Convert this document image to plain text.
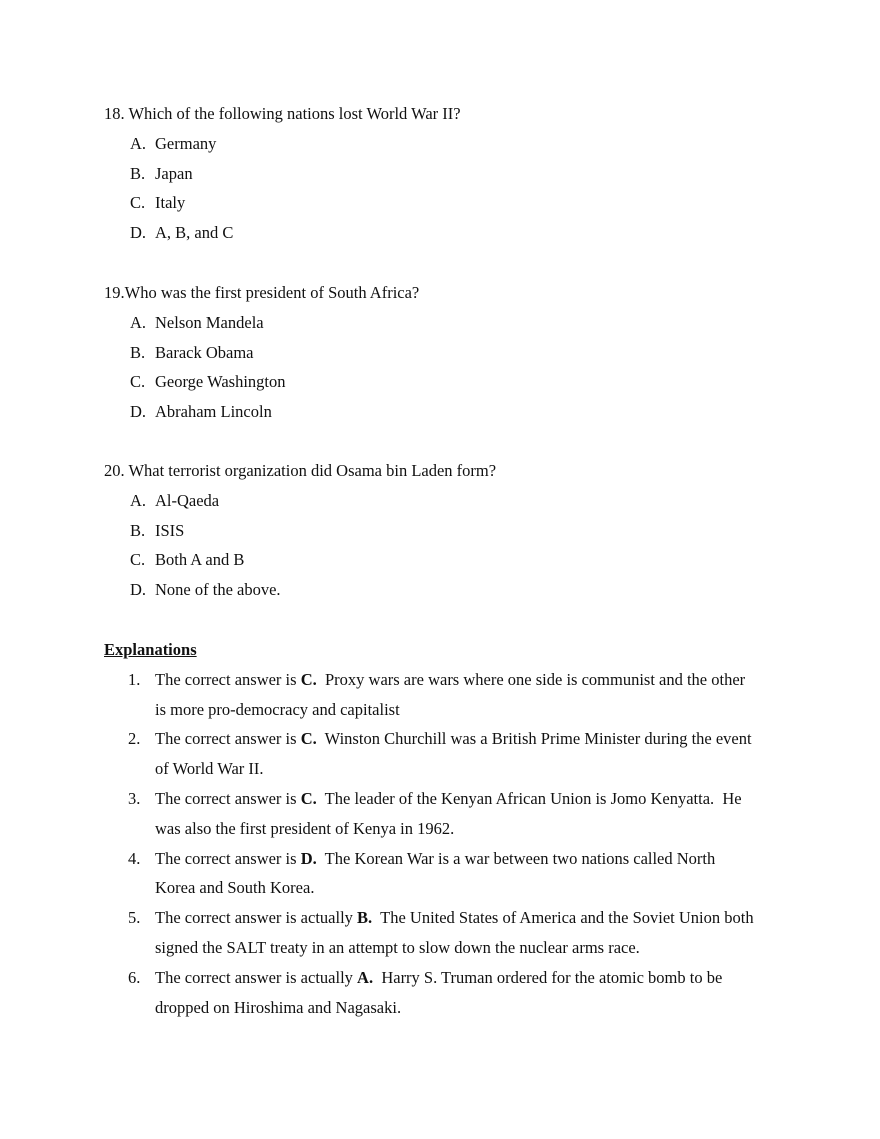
18. Which of the following nations lost World War II?
A. Germany
B. Japan
C. Italy
D. A, B, and C
19.Who was the first president of South Africa?
A. Nelson Mandela
B. Barack Obama
C. George Washington
D. Abraham Lincoln
20. What terrorist organization did Osama bin Laden form?
A. Al-Qaeda
B. ISIS
C. Both A and B
D. None of the above.
Explanations
1. The correct answer is C.  Proxy wars are wars where one side is communist and the other
is more pro-democracy and capitalist
2. The correct answer is C.  Winston Churchill was a British Prime Minister during the event
of World War II.
3. The correct answer is C.  The leader of the Kenyan African Union is Jomo Kenyatta.  He
was also the first president of Kenya in 1962.
4. The correct answer is D.  The Korean War is a war between two nations called North
Korea and South Korea.
5. The correct answer is actually B.  The United States of America and the Soviet Union both
signed the SALT treaty in an attempt to slow down the nuclear arms race.
6. The correct answer is actually A.  Harry S. Truman ordered for the atomic bomb to be
dropped on Hiroshima and Nagasaki.
